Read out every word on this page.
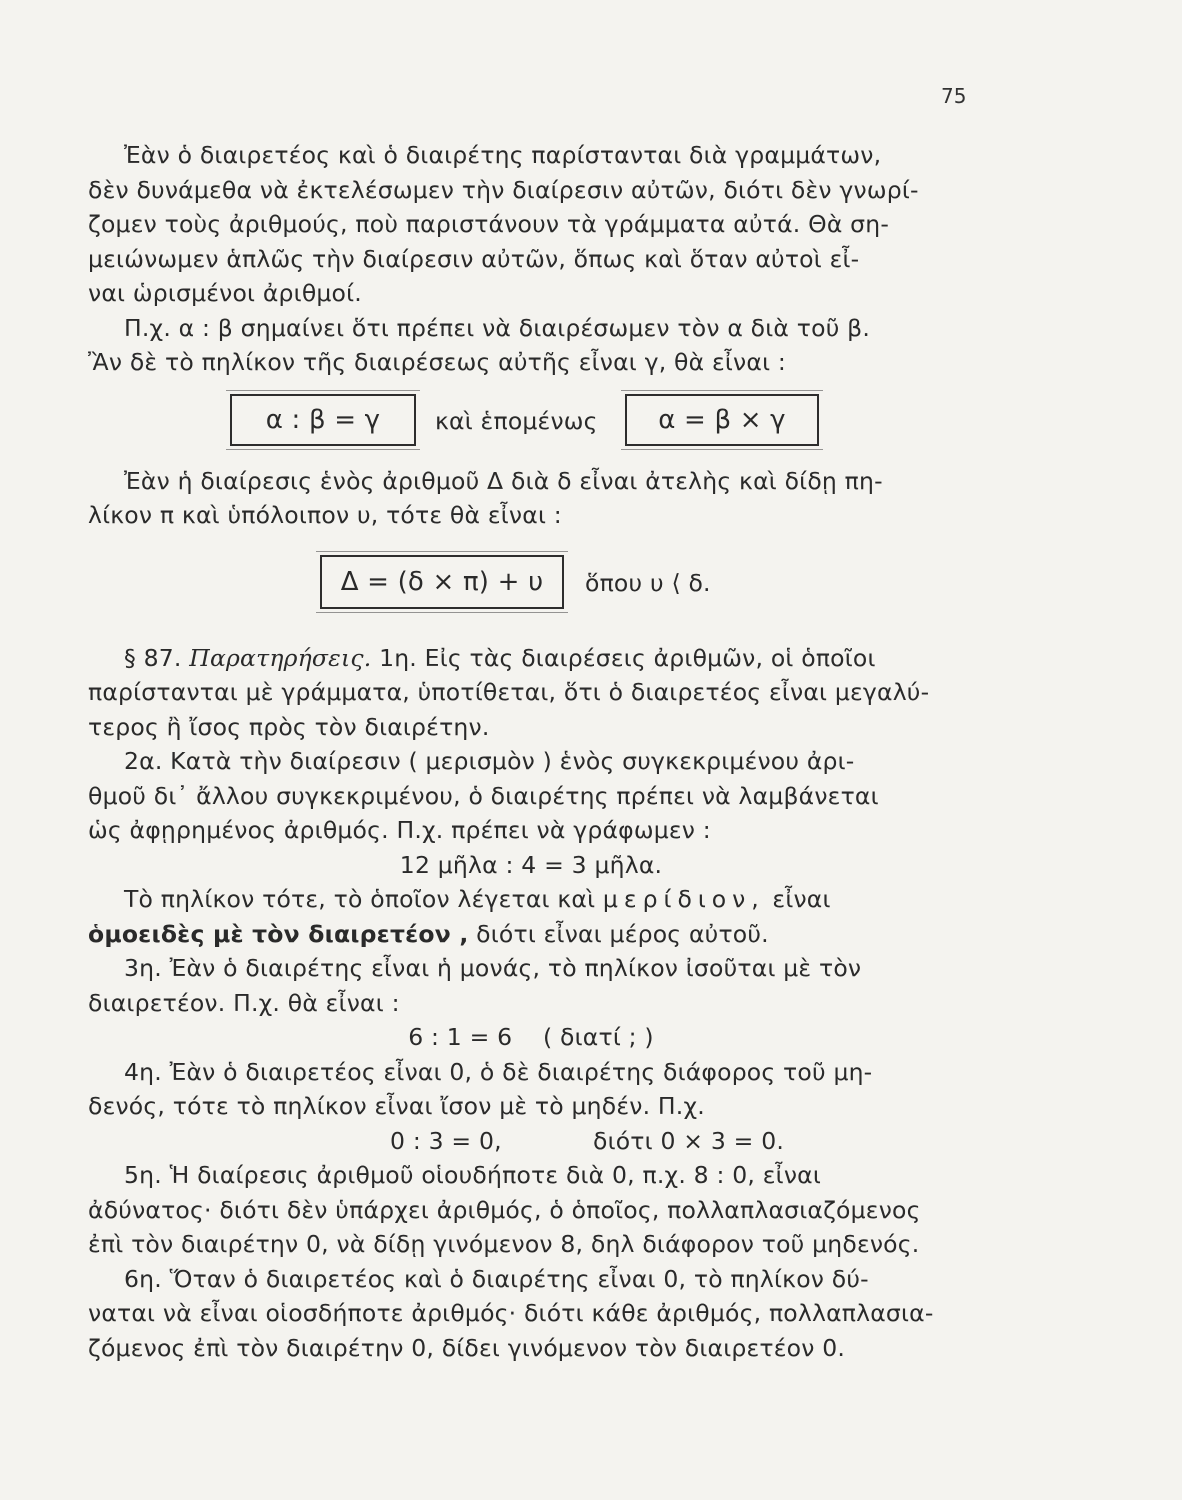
75

Ἐὰν ὁ διαιρετέος καὶ ὁ διαιρέτης παρίστανται διὰ γραμμάτων,
δὲν δυνάμεθα νὰ ἐκτελέσωμεν τὴν διαίρεσιν αὐτῶν, διότι δὲν γνωρί-
ζομεν τοὺς ἀριθμούς, ποὺ παριστάνουν τὰ γράμματα αὐτά. Θὰ ση-
μειώνωμεν ἁπλῶς τὴν διαίρεσιν αὐτῶν, ὅπως καὶ ὅταν αὐτοὶ εἶ-
ναι ὡρισμένοι ἀριθμοί.

Π.χ. α : β σημαίνει ὅτι πρέπει νὰ διαιρέσωμεν τὸν α διὰ τοῦ β.
Ἂν δὲ τὸ πηλίκον τῆς διαιρέσεως αὐτῆς εἶναι γ, θὰ εἶναι :

α : β = γ	καὶ ἑπομένως	α = β × γ

Ἐὰν ἡ διαίρεσις ἑνὸς ἀριθμοῦ Δ διὰ δ εἶναι ἀτελὴς καὶ δίδῃ πη-
λίκον π καὶ ὑπόλοιπον υ, τότε θὰ εἶναι :

Δ = (δ × π) + υ	ὅπου υ ⟨ δ.

§ 87. Παρατηρήσεις. 1η. Εἰς τὰς διαιρέσεις ἀριθμῶν, οἱ ὁποῖοι
παρίστανται μὲ γράμματα, ὑποτίθεται, ὅτι ὁ διαιρετέος εἶναι μεγαλύ-
τερος ἢ ἴσος πρὸς τὸν διαιρέτην.

2α. Κατὰ τὴν διαίρεσιν ( μερισμὸν ) ἑνὸς συγκεκριμένου ἀρι-
θμοῦ δι᾽ ἄλλου συγκεκριμένου, ὁ διαιρέτης πρέπει νὰ λαμβάνεται
ὡς ἀφῃρημένος ἀριθμός. Π.χ. πρέπει νὰ γράφωμεν :

12 μῆλα : 4 = 3 μῆλα.

Τὸ πηλίκον τότε, τὸ ὁποῖον λέγεται καὶ μερίδιον, εἶναι
ὁμοειδὲς μὲ τὸν διαιρετέον , διότι εἶναι μέρος αὐτοῦ.

3η. Ἐὰν ὁ διαιρέτης εἶναι ἡ μονάς, τὸ πηλίκον ἰσοῦται μὲ τὸν
διαιρετέον. Π.χ. θὰ εἶναι :

6 : 1 = 6    ( διατί ; )

4η. Ἐὰν ὁ διαιρετέος εἶναι 0, ὁ δὲ διαιρέτης διάφορος τοῦ μη-
δενός, τότε τὸ πηλίκον εἶναι ἴσον μὲ τὸ μηδέν. Π.χ.

0 : 3 = 0,	διότι 0 × 3 = 0.

5η. Ἡ διαίρεσις ἀριθμοῦ οἱουδήποτε διὰ 0, π.χ. 8 : 0, εἶναι
ἀδύνατος· διότι δὲν ὑπάρχει ἀριθμός, ὁ ὁποῖος, πολλαπλασιαζόμενος
ἐπὶ τὸν διαιρέτην 0, νὰ δίδῃ γινόμενον 8, δηλ διάφορον τοῦ μηδενός.

6η. Ὅταν ὁ διαιρετέος καὶ ὁ διαιρέτης εἶναι 0, τὸ πηλίκον δύ-
ναται νὰ εἶναι οἱοσδήποτε ἀριθμός· διότι κάθε ἀριθμός, πολλαπλασια-
ζόμενος ἐπὶ τὸν διαιρέτην 0, δίδει γινόμενον τὸν διαιρετέον 0.
